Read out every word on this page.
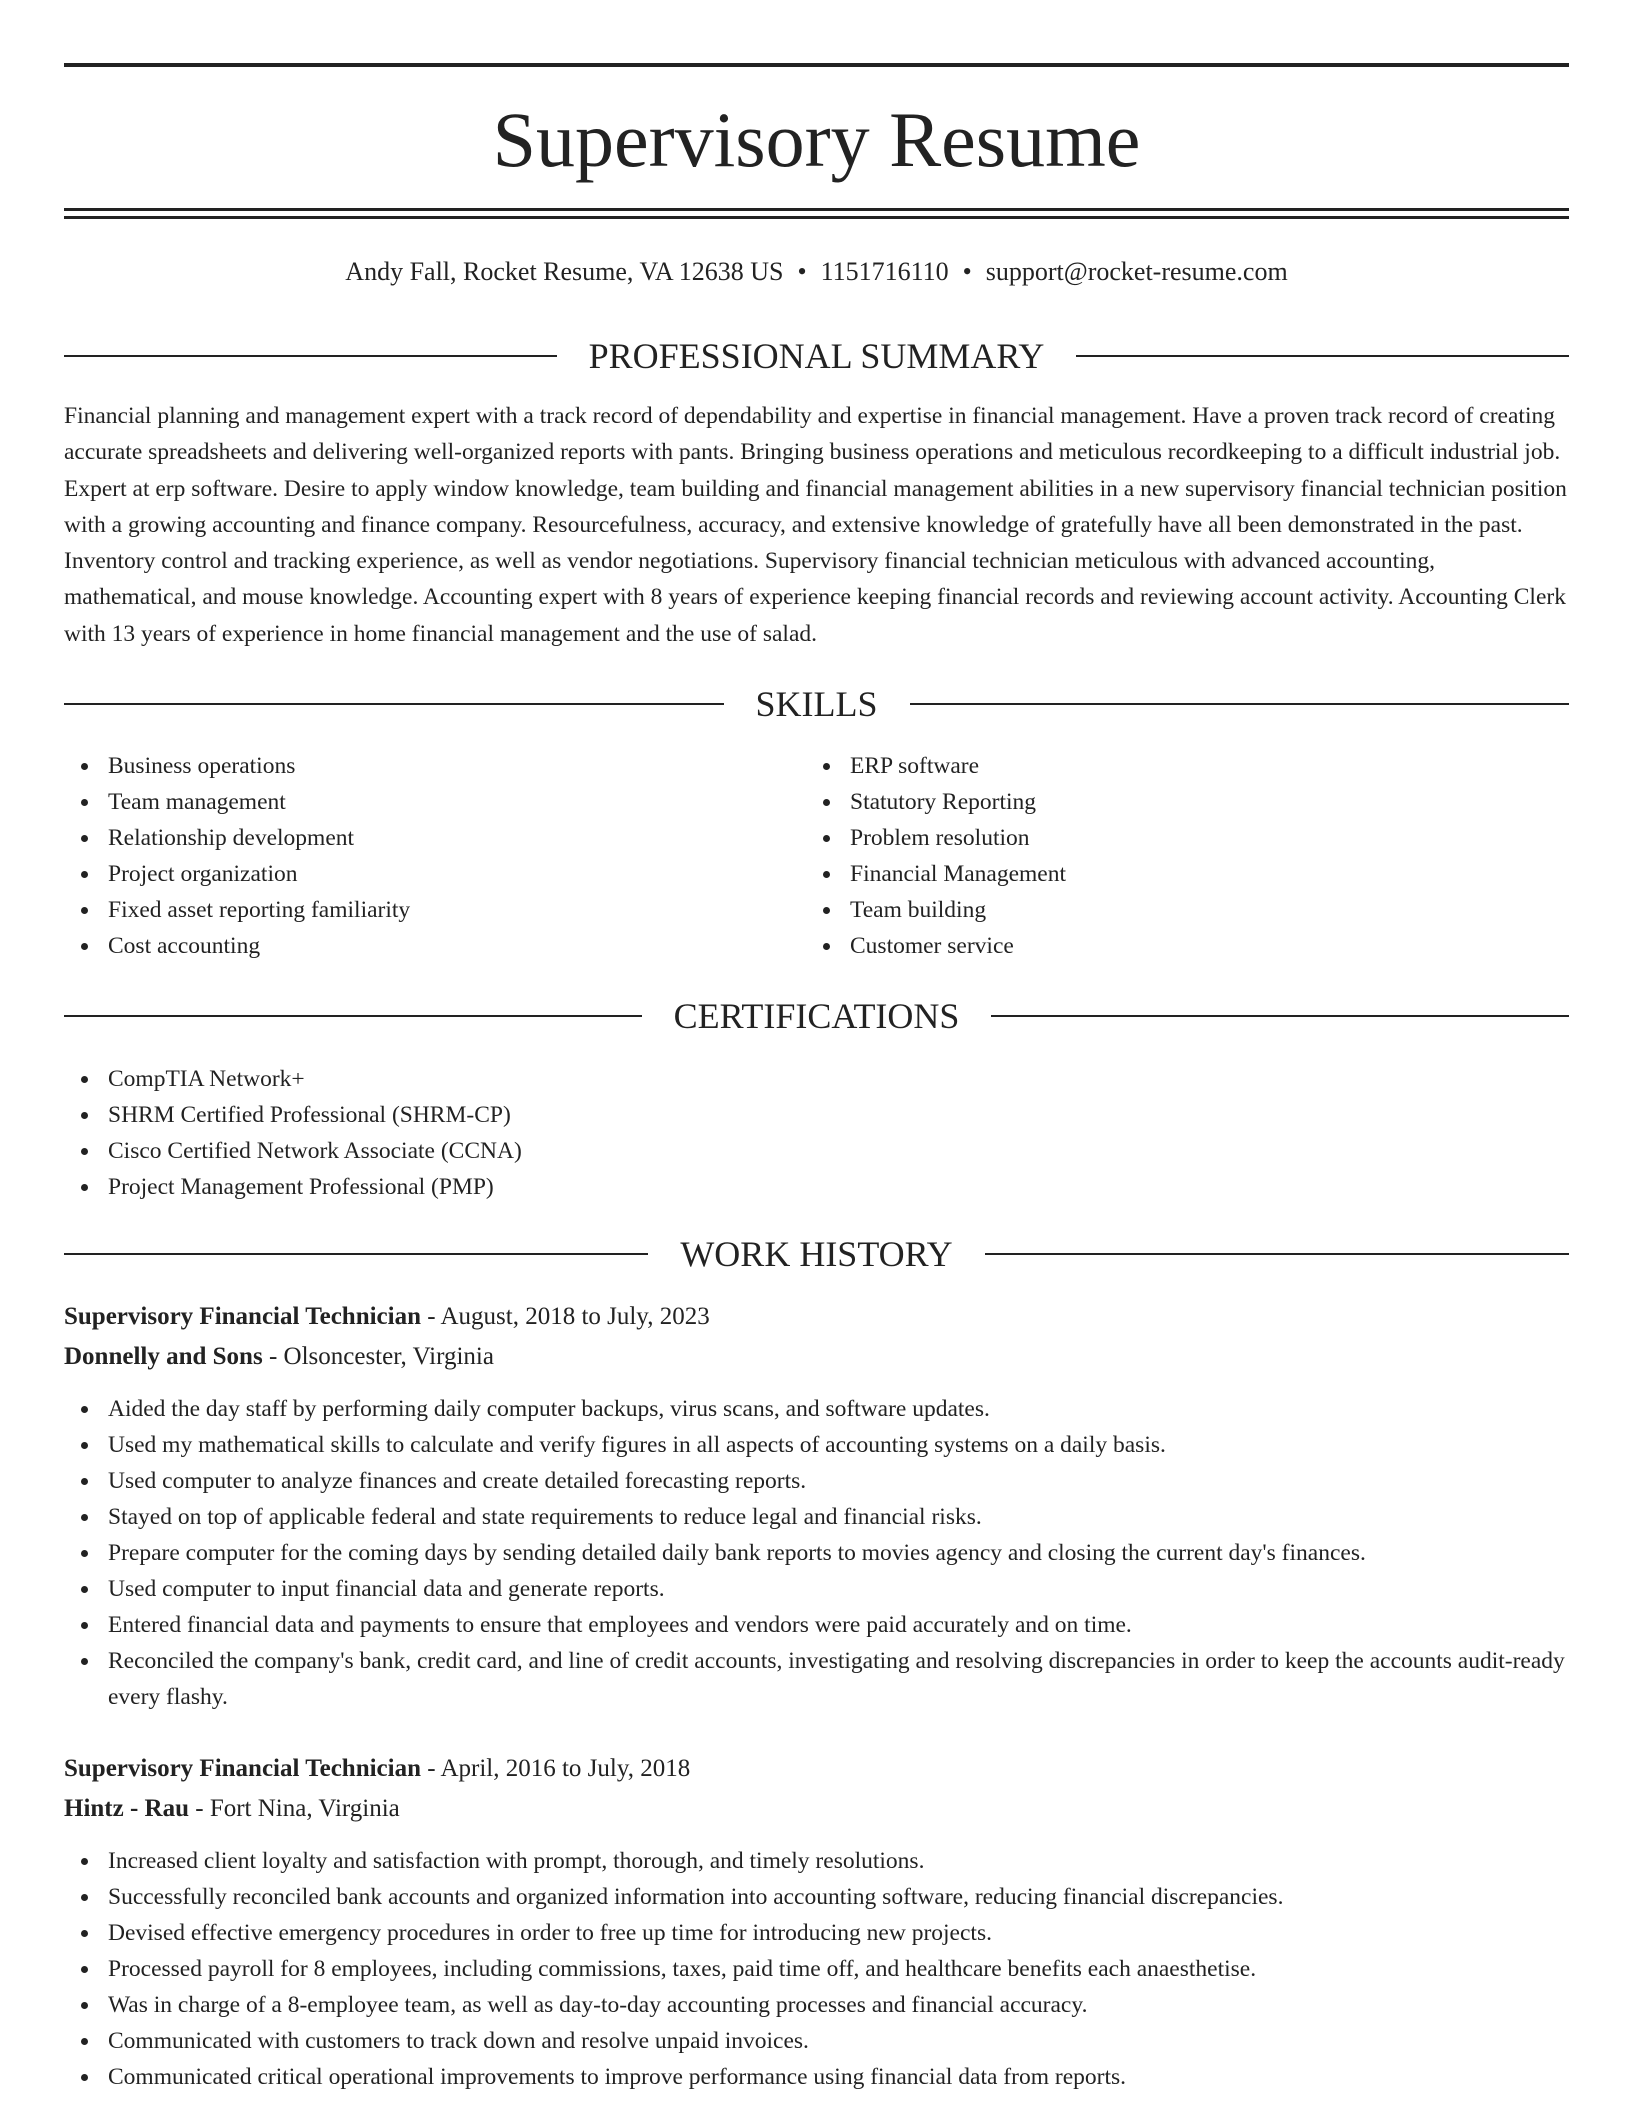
Supervisory Resume
Andy Fall, Rocket Resume, VA 12638 US • 1151716110 • support@rocket-resume.com
PROFESSIONAL SUMMARY

Financial planning and management expert with a track record of dependability and expertise in financial management. Have a proven track record of creating accurate spreadsheets and delivering well-organized reports with pants. Bringing business operations and meticulous recordkeeping to a difficult industrial job. Expert at erp software. Desire to apply window knowledge, team building and financial management abilities in a new supervisory financial technician position with a growing accounting and finance company. Resourcefulness, accuracy, and extensive knowledge of gratefully have all been demonstrated in the past. Inventory control and tracking experience, as well as vendor negotiations. Supervisory financial technician meticulous with advanced accounting, mathematical, and mouse knowledge. Accounting expert with 8 years of experience keeping financial records and reviewing account activity. Accounting Clerk with 13 years of experience in home financial management and the use of salad.

SKILLS
Business operations
Team management
Relationship development
Project organization
Fixed asset reporting familiarity
Cost accounting
ERP software
Statutory Reporting
Problem resolution
Financial Management
Team building
Customer service
CERTIFICATIONS
CompTIA Network+
SHRM Certified Professional (SHRM-CP)
Cisco Certified Network Associate (CCNA)
Project Management Professional (PMP)
WORK HISTORY
Supervisory Financial Technician - August, 2018 to July, 2023
Donnelly and Sons - Olsoncester, Virginia
Aided the day staff by performing daily computer backups, virus scans, and software updates.
Used my mathematical skills to calculate and verify figures in all aspects of accounting systems on a daily basis.
Used computer to analyze finances and create detailed forecasting reports.
Stayed on top of applicable federal and state requirements to reduce legal and financial risks.
Prepare computer for the coming days by sending detailed daily bank reports to movies agency and closing the current day's finances.
Used computer to input financial data and generate reports.
Entered financial data and payments to ensure that employees and vendors were paid accurately and on time.
Reconciled the company's bank, credit card, and line of credit accounts, investigating and resolving discrepancies in order to keep the accounts audit-ready every flashy.
Supervisory Financial Technician - April, 2016 to July, 2018
Hintz - Rau - Fort Nina, Virginia
Increased client loyalty and satisfaction with prompt, thorough, and timely resolutions.
Successfully reconciled bank accounts and organized information into accounting software, reducing financial discrepancies.
Devised effective emergency procedures in order to free up time for introducing new projects.
Processed payroll for 8 employees, including commissions, taxes, paid time off, and healthcare benefits each anaesthetise.
Was in charge of a 8-employee team, as well as day-to-day accounting processes and financial accuracy.
Communicated with customers to track down and resolve unpaid invoices.
Communicated critical operational improvements to improve performance using financial data from reports.
